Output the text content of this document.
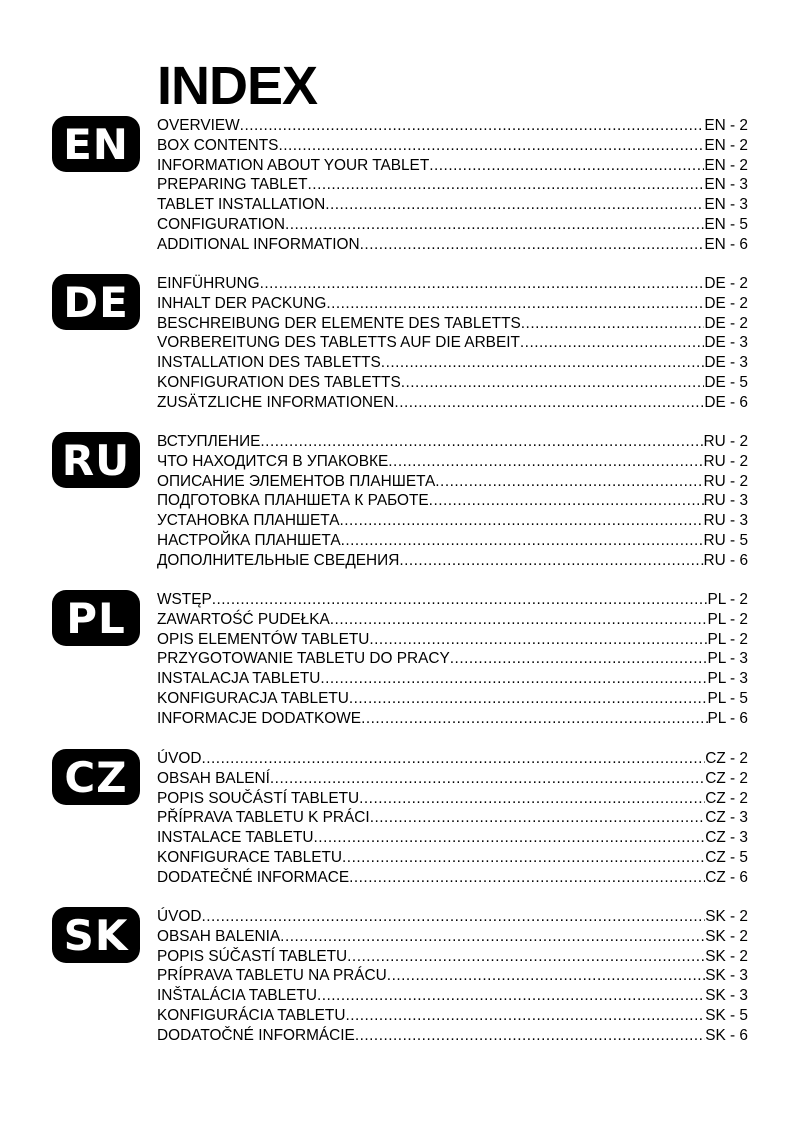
INDEX
EN	OVERVIEW .....	EN - 2
BOX CONTENTS .....	EN - 2
INFORMATION ABOUT YOUR TABLET .....	EN - 2
PREPARING TABLET .....	EN - 3
TABLET INSTALLATION .....	EN - 3
CONFIGURATION .....	EN - 5
ADDITIONAL INFORMATION .....	EN - 6
DE	EINFÜHRUNG .....	DE - 2
INHALT DER PACKUNG .....	DE - 2
BESCHREIBUNG DER ELEMENTE DES TABLETTS .....	DE - 2
VORBEREITUNG DES TABLETTS AUF DIE ARBEIT .....	DE - 3
INSTALLATION DES TABLETTS .....	DE - 3
KONFIGURATION DES TABLETTS .....	DE - 5
ZUSÄTZLICHE INFORMATIONEN .....	DE - 6
RU	ВСТУПЛЕНИЕ .....	RU - 2
ЧТО НАХОДИТСЯ В УПАКОВКЕ .....	RU - 2
ОПИСАНИЕ ЭЛЕМЕНТОВ ПЛАНШЕТА .....	RU - 2
ПОДГОТОВКА ПЛАНШЕТА К РАБОТЕ .....	RU - 3
УСТАНОВКА ПЛАНШЕТА .....	RU - 3
НАСТРОЙКА ПЛАНШЕТА .....	RU - 5
ДОПОЛНИТЕЛЬНЫЕ СВЕДЕНИЯ .....	RU - 6
PL	WSTĘP .....	PL - 2
ZAWARTOŚĆ PUDEŁKA .....	PL - 2
OPIS ELEMENTÓW TABLETU .....	PL - 2
PRZYGOTOWANIE TABLETU DO PRACY .....	PL - 3
INSTALACJA TABLETU .....	PL - 3
KONFIGURACJA TABLETU .....	PL - 5
INFORMACJE DODATKOWE .....	PL - 6
CZ	ÚVOD .....	CZ - 2
OBSAH BALENÍ .....	CZ - 2
POPIS SOUČÁSTÍ TABLETU .....	CZ - 2
PŘÍPRAVA TABLETU K PRÁCI .....	CZ - 3
INSTALACE TABLETU .....	CZ - 3
KONFIGURACE TABLETU .....	CZ - 5
DODATEČNÉ INFORMACE .....	CZ - 6
SK	ÚVOD .....	SK - 2
OBSAH BALENIA .....	SK - 2
POPIS SÚČASTÍ TABLETU .....	SK - 2
PRÍPRAVA TABLETU NA PRÁCU .....	SK - 3
INŠTALÁCIA TABLETU .....	SK - 3
KONFIGURÁCIA TABLETU .....	SK - 5
DODATOČNÉ INFORMÁCIE .....	SK - 6
